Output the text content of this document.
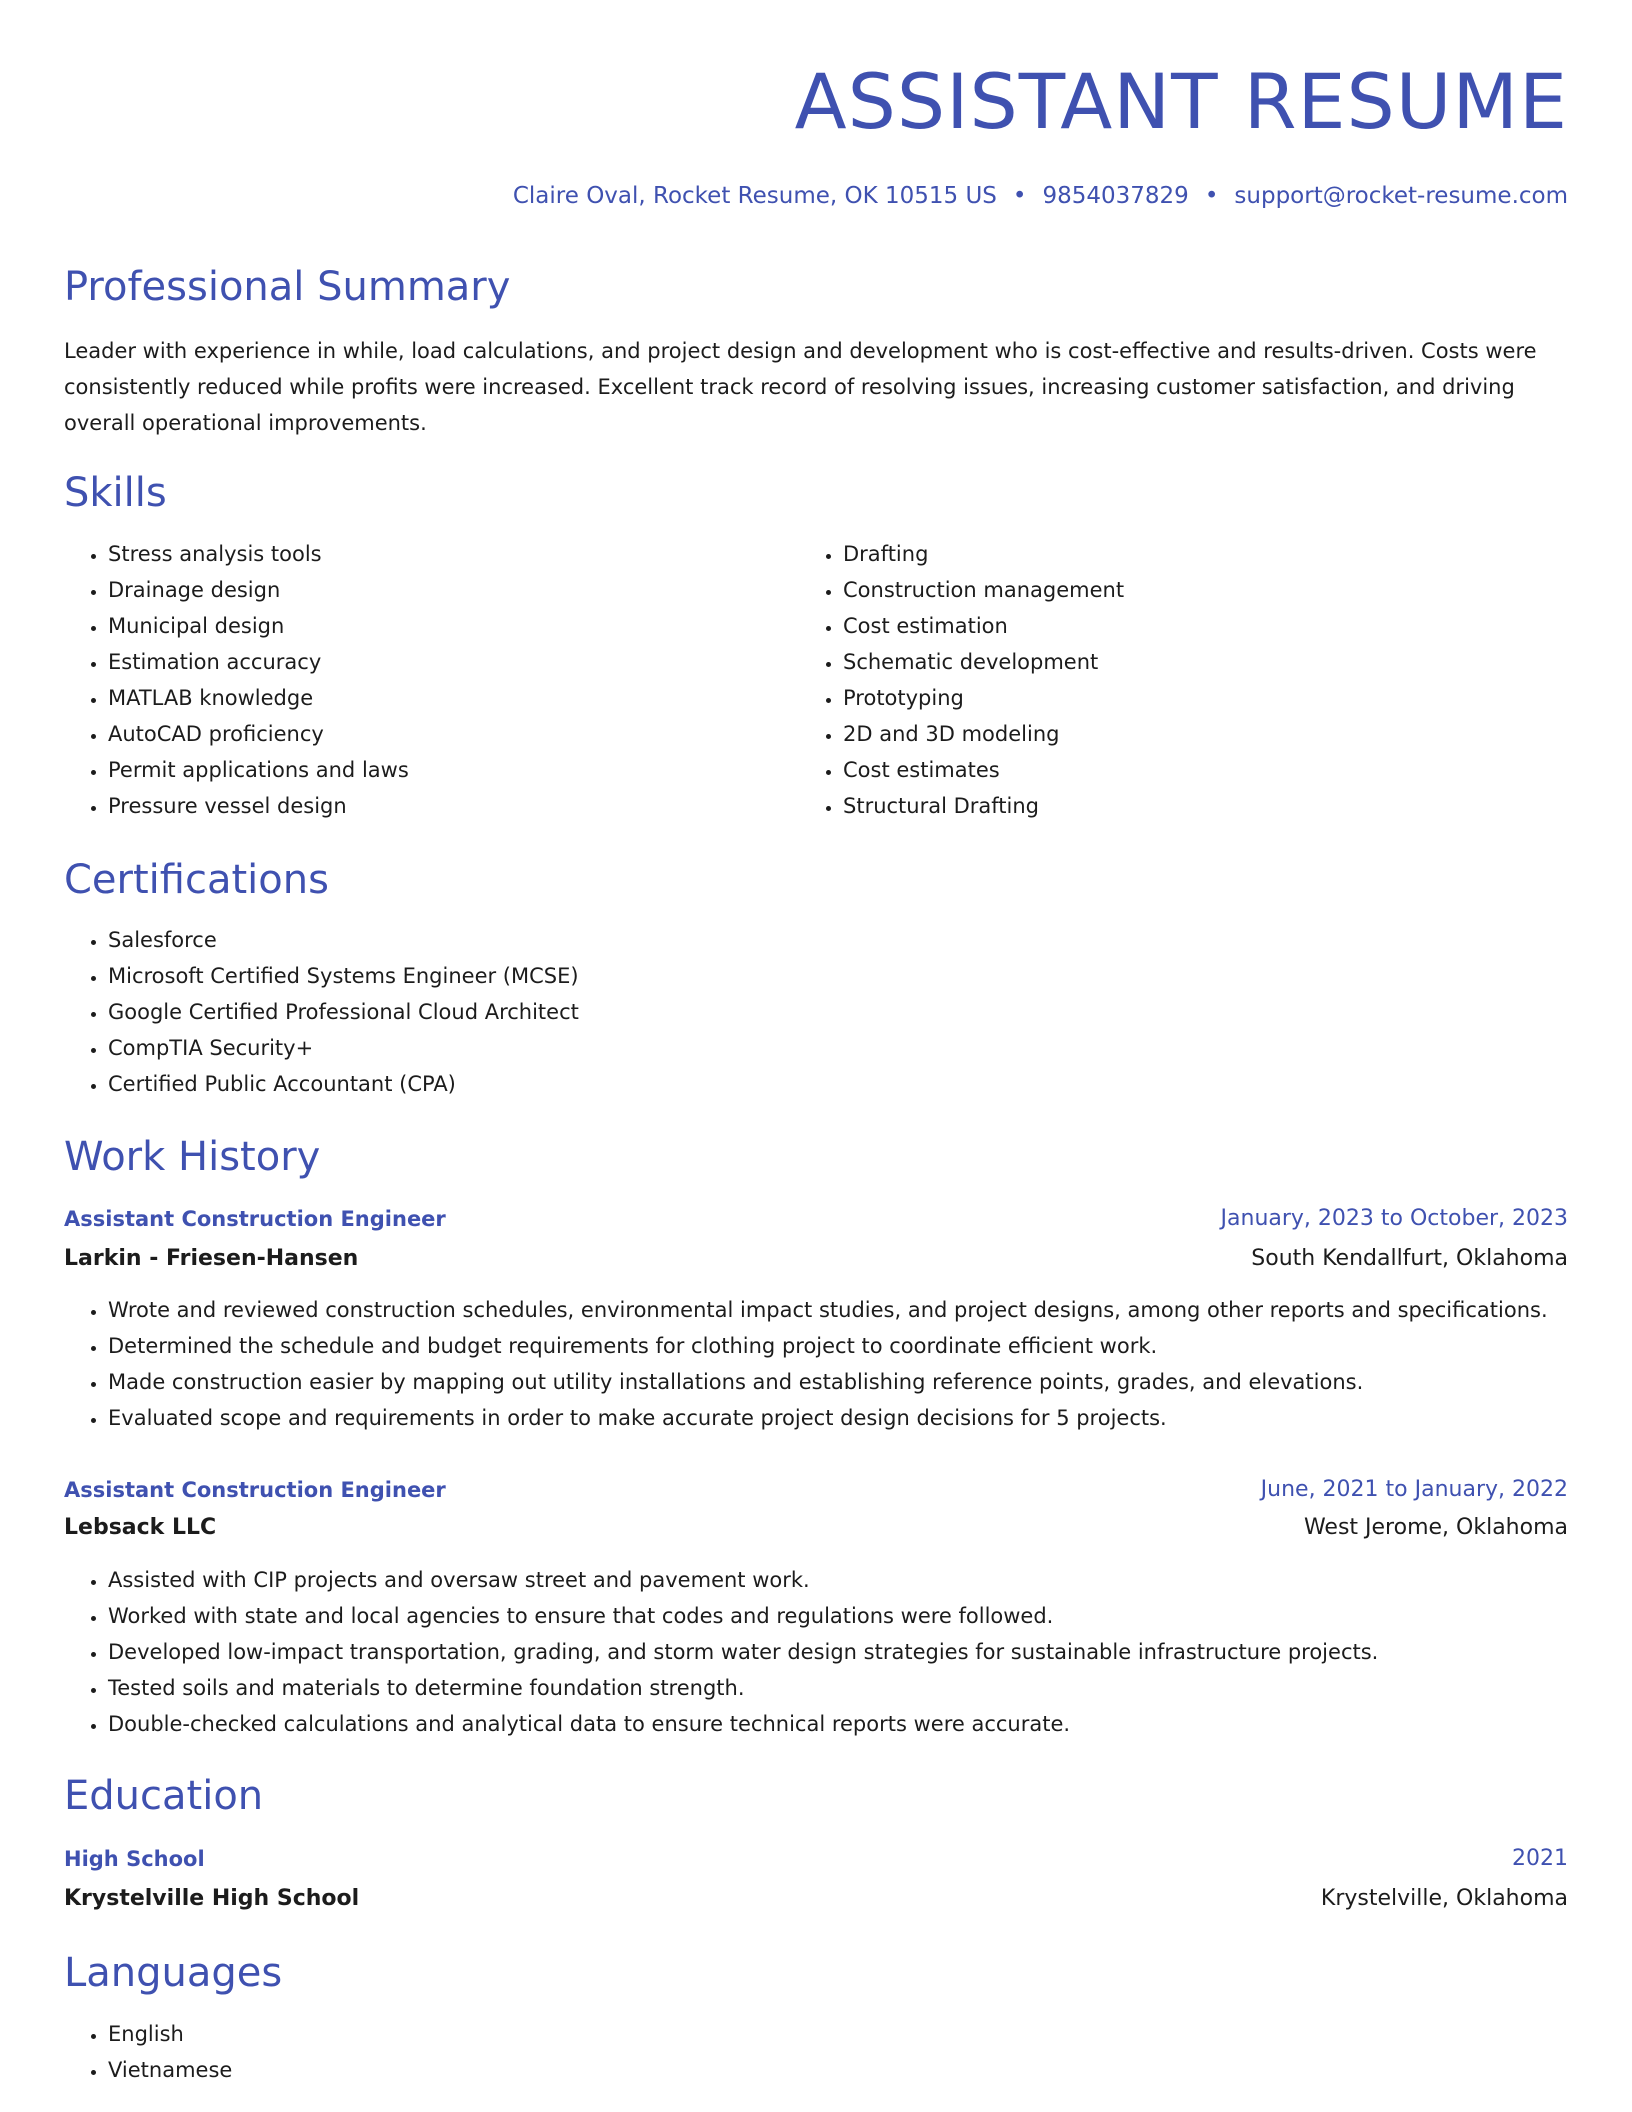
ASSISTANT RESUME
Claire Oval, Rocket Resume, OK 10515 US • 9854037829 • support@rocket-resume.com
Professional Summary

Leader with experience in while, load calculations, and project design and development who is cost-effective and results-driven. Costs were consistently reduced while profits were increased. Excellent track record of resolving issues, increasing customer satisfaction, and driving overall operational improvements.

Skills
• Stress analysis tools
• Drainage design
• Municipal design
• Estimation accuracy
• MATLAB knowledge
• AutoCAD proficiency
• Permit applications and laws
• Pressure vessel design
• Drafting
• Construction management
• Cost estimation
• Schematic development
• Prototyping
• 2D and 3D modeling
• Cost estimates
• Structural Drafting
Certifications
• Salesforce
• Microsoft Certified Systems Engineer (MCSE)
• Google Certified Professional Cloud Architect
• CompTIA Security+
• Certified Public Accountant (CPA)
Work History
Assistant Construction Engineer	January, 2023 to October, 2023
Larkin - Friesen-Hansen	South Kendallfurt, Oklahoma
• Wrote and reviewed construction schedules, environmental impact studies, and project designs, among other reports and specifications.
• Determined the schedule and budget requirements for clothing project to coordinate efficient work.
• Made construction easier by mapping out utility installations and establishing reference points, grades, and elevations.
• Evaluated scope and requirements in order to make accurate project design decisions for 5 projects.
Assistant Construction Engineer	June, 2021 to January, 2022
Lebsack LLC	West Jerome, Oklahoma
• Assisted with CIP projects and oversaw street and pavement work.
• Worked with state and local agencies to ensure that codes and regulations were followed.
• Developed low-impact transportation, grading, and storm water design strategies for sustainable infrastructure projects.
• Tested soils and materials to determine foundation strength.
• Double-checked calculations and analytical data to ensure technical reports were accurate.
Education
High School	2021
Krystelville High School	Krystelville, Oklahoma
Languages
• English
• Vietnamese
